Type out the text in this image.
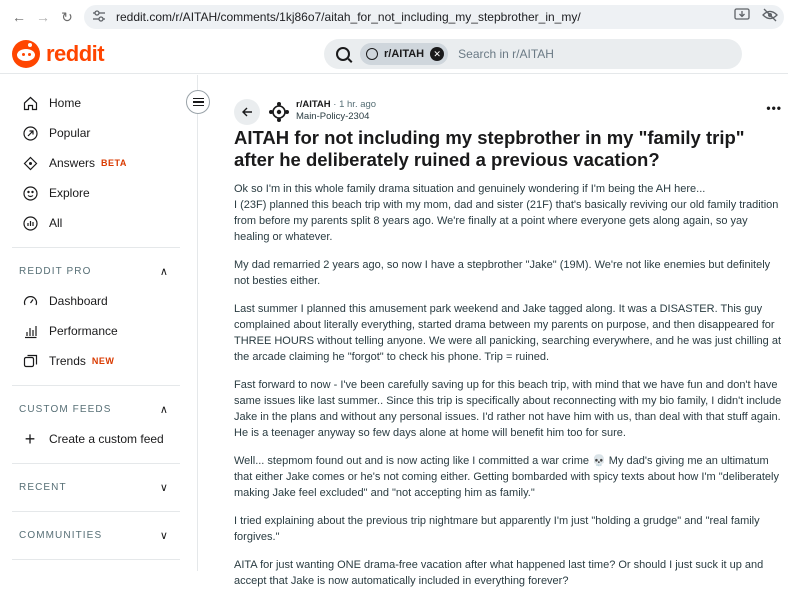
← → ↻	reddit.com/r/AITAH/comments/1kj86o7/aitah_for_not_including_my_stepbrother_in_my/
reddit	r/AITAH	✕ Search in r/AITAH
Home
Popular
Answers BETA
Explore
All
REDDIT PRO	∧
Dashboard
Performance
Trends NEW
CUSTOM FEEDS	∧
+ Create a custom feed
RECENT	∨
COMMUNITIES	∨
r/AITAH · 1 hr. ago
Main-Policy-2304
•••
AITAH for not including my stepbrother in my "family trip" after he deliberately ruined a previous vacation?

Ok so I'm in this whole family drama situation and genuinely wondering if I'm being the AH here...
I (23F) planned this beach trip with my mom, dad and sister (21F) that's basically reviving our old family tradition from before my parents split 8 years ago. We're finally at a point where everyone gets along again, so yay healing or whatever.

My dad remarried 2 years ago, so now I have a stepbrother "Jake" (19M). We're not like enemies but definitely not besties either.

Last summer I planned this amusement park weekend and Jake tagged along. It was a DISASTER. This guy complained about literally everything, started drama between my parents on purpose, and then disappeared for THREE HOURS without telling anyone. We were all panicking, searching everywhere, and he was just chilling at the arcade claiming he "forgot" to check his phone. Trip = ruined.

Fast forward to now - I've been carefully saving up for this beach trip, with mind that we have fun and don't have same issues like last summer.. Since this trip is specifically about reconnecting with my bio family, I didn't include Jake in the plans and without any personal issues. I'd rather not have him with us, than deal with that stuff again. He is a teenager anyway so few days alone at home will benefit him too for sure.

Well... stepmom found out and is now acting like I committed a war crime 💀 My dad's giving me an ultimatum that either Jake comes or he's not coming either. Getting bombarded with spicy texts about how I'm "deliberately making Jake feel excluded" and "not accepting him as family."

I tried explaining about the previous trip nightmare but apparently I'm just "holding a grudge" and "real family forgives."

AITA for just wanting ONE drama-free vacation after what happened last time? Or should I just suck it up and accept that Jake is now automatically included in everything forever?
